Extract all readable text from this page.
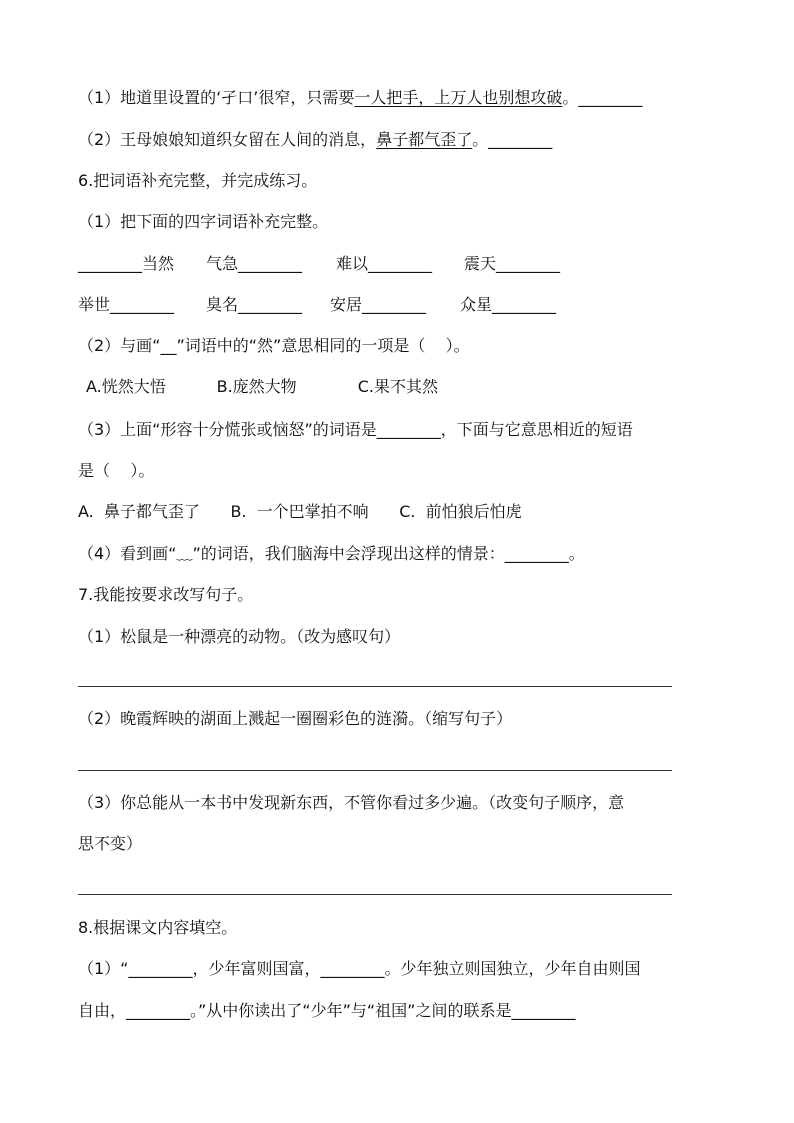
（1）地道里设置的‘孑口’很窄，只需要一人把手，上万人也别想攻破。________
（2）王母娘娘知道织女留在人间的消息，鼻子都气歪了。________
6.把词语补充完整，并完成练习。
（1）把下面的四字词语补充完整。
________当然 气急________ 难以________ 震天________
举世________ 臭名________ 安居________ 众星________
（2）与画“__”词语中的“然”意思相同的一项是（    ）。
A.恍然大悟          B.庞然大物            C.果不其然
（3）上面“形容十分慌张或恼怒”的词语是________，下面与它意思相近的短语
是（    ）。
A.  鼻子都气歪了      B.  一个巴掌拍不响      C.  前怕狼后怕虎
（4）看到画“﹏”的词语，我们脑海中会浮现出这样的情景：________。
7.我能按要求改写句子。
（1）松鼠是一种漂亮的动物。（改为感叹句）
（2）晚霞辉映的湖面上溅起一圈圈彩色的涟漪。（缩写句子）
（3）你总能从一本书中发现新东西，不管你看过多少遍。（改变句子顺序，意
思不变）
8.根据课文内容填空。
（1）“________，少年富则国富，________。少年独立则国独立，少年自由则国
自由，________。”从中你读出了“少年”与“祖国”之间的联系是________
